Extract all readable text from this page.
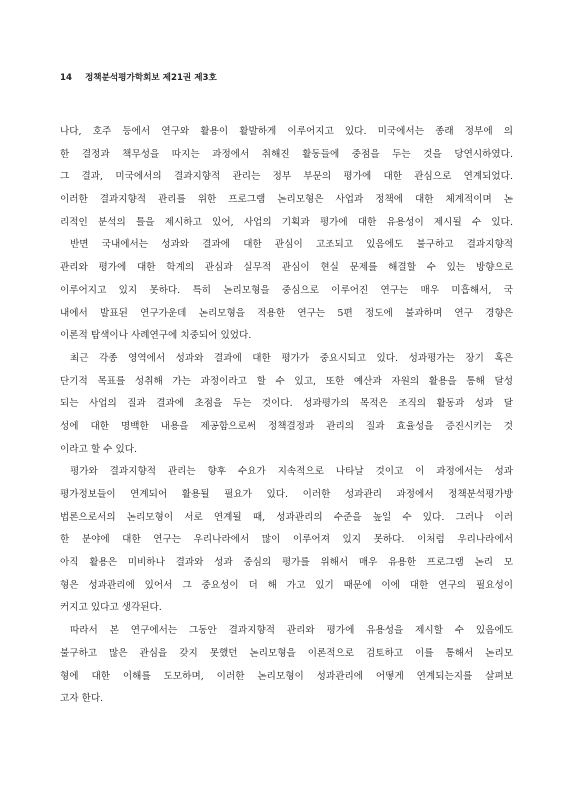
14 정책분석평가학회보 제21권 제3호

나다, 호주 등에서 연구와 활용이 활발하게 이루어지고 있다. 미국에서는 종래 정부에 의
한 결정과 책무성을 따지는 과정에서 취해진 활동들에 중점을 두는 것을 당연시하였다.
그 결과, 미국에서의 결과지향적 관리는 정부 부문의 평가에 대한 관심으로 연계되었다.
이러한 결과지향적 관리를 위한 프로그램 논리모형은 사업과 정책에 대한 체계적이며 논
리적인 분석의 틀을 제시하고 있어, 사업의 기획과 평가에 대한 유용성이 제시될 수 있다.

반면 국내에서는 성과와 결과에 대한 관심이 고조되고 있음에도 불구하고 결과지향적
관리와 평가에 대한 학계의 관심과 실무적 관심이 현실 문제를 해결할 수 있는 방향으로
이루어지고 있지 못하다. 특히 논리모형을 중심으로 이루어진 연구는 매우 미흡해서, 국
내에서 발표된 연구가운데 논리모형을 적용한 연구는 5편 정도에 불과하며 연구 경향은
이론적 탐색이나 사례연구에 치중되어 있었다.

최근 각종 영역에서 성과와 결과에 대한 평가가 중요시되고 있다. 성과평가는 장기 혹은
단기적 목표를 성취해 가는 과정이라고 할 수 있고, 또한 예산과 자원의 활용을 통해 달성
되는 사업의 질과 결과에 초점을 두는 것이다. 성과평가의 목적은 조직의 활동과 성과 달
성에 대한 명백한 내용을 제공함으로써 정책결정과 관리의 질과 효율성을 증진시키는 것
이라고 할 수 있다.

평가와 결과지향적 관리는 향후 수요가 지속적으로 나타날 것이고 이 과정에서는 성과
평가정보들이 연계되어 활용될 필요가 있다. 이러한 성과관리 과정에서 정책분석평가방
법론으로서의 논리모형이 서로 연계될 때, 성과관리의 수준을 높일 수 있다. 그러나 이러
한 분야에 대한 연구는 우리나라에서 많이 이루어져 있지 못하다. 이처럼 우리나라에서
아직 활용은 미비하나 결과와 성과 중심의 평가를 위해서 매우 유용한 프로그램 논리 모
형은 성과관리에 있어서 그 중요성이 더 해 가고 있기 때문에 이에 대한 연구의 필요성이
커지고 있다고 생각된다.

따라서 본 연구에서는 그동안 결과지향적 관리와 평가에 유용성을 제시할 수 있음에도
불구하고 많은 관심을 갖지 못했던 논리모형을 이론적으로 검토하고 이를 통해서 논리모
형에 대한 이해를 도모하며, 이러한 논리모형이 성과관리에 어떻게 연계되는지를 살펴보
고자 한다.
